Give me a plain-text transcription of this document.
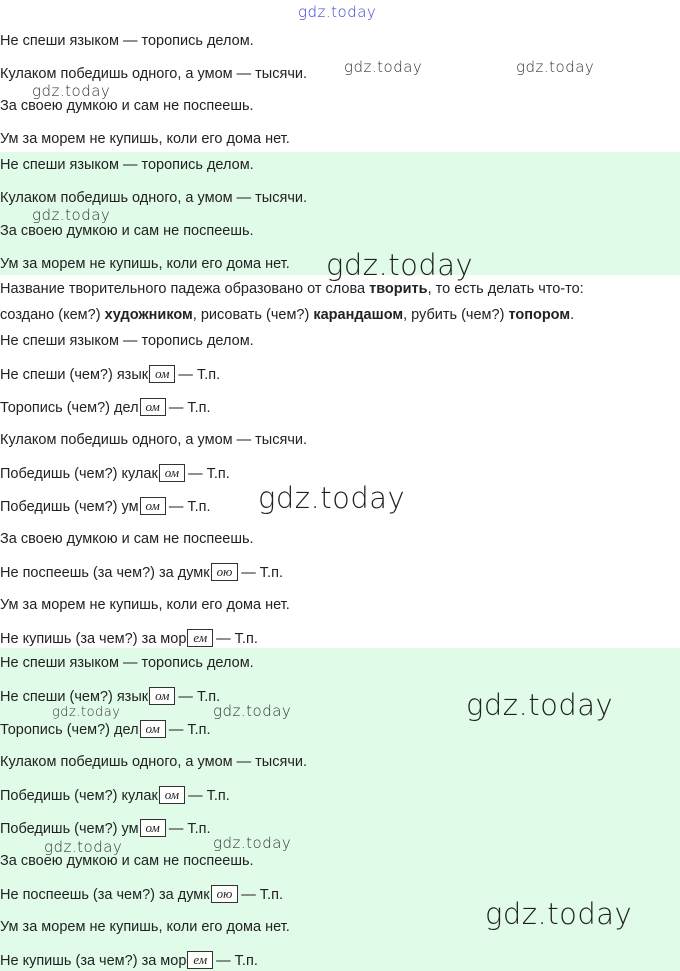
Не спеши языком — торопись делом.
Кулаком победишь одного, а умом — тысячи.
За своею думкою и сам не поспеешь.
Ум за морем не купишь, коли его дома нет.
Не спеши языком — торопись делом.
Кулаком победишь одного, а умом — тысячи.
За своею думкою и сам не поспеешь.
Ум за морем не купишь, коли его дома нет.
Название творительного падежа образовано от слова творить, то есть делать что-то:
создано (кем?) художником, рисовать (чем?) карандашом, рубить (чем?) топором.
Не спеши языком — торопись делом.
Не спеши (чем?) язык ом — Т.п.
Торопись (чем?) дел ом — Т.п.
Кулаком победишь одного, а умом — тысячи.
Победишь (чем?) кулак ом — Т.п.
Победишь (чем?) ум ом — Т.п.
За своею думкою и сам не поспеешь.
Не поспеешь (за чем?) за думк ою — Т.п.
Ум за морем не купишь, коли его дома нет.
Не купишь (за чем?) за мор ем — Т.п.
Не спеши языком — торопись делом.
Не спеши (чем?) язык ом — Т.п.
Торопись (чем?) дел ом — Т.п.
Кулаком победишь одного, а умом — тысячи.
Победишь (чем?) кулак ом — Т.п.
Победишь (чем?) ум ом — Т.п.
За своею думкою и сам не поспеешь.
Не поспеешь (за чем?) за думк ою — Т.п.
Ум за морем не купишь, коли его дома нет.
Не купишь (за чем?) за мор ем — Т.п.
gdz.today
gdz.today	gdz.today
gdz.today
gdz.today
gdz.today
gdz.today
gdz.today
gdz.today	gdz.today
gdz.today
gdz.today
gdz.today
